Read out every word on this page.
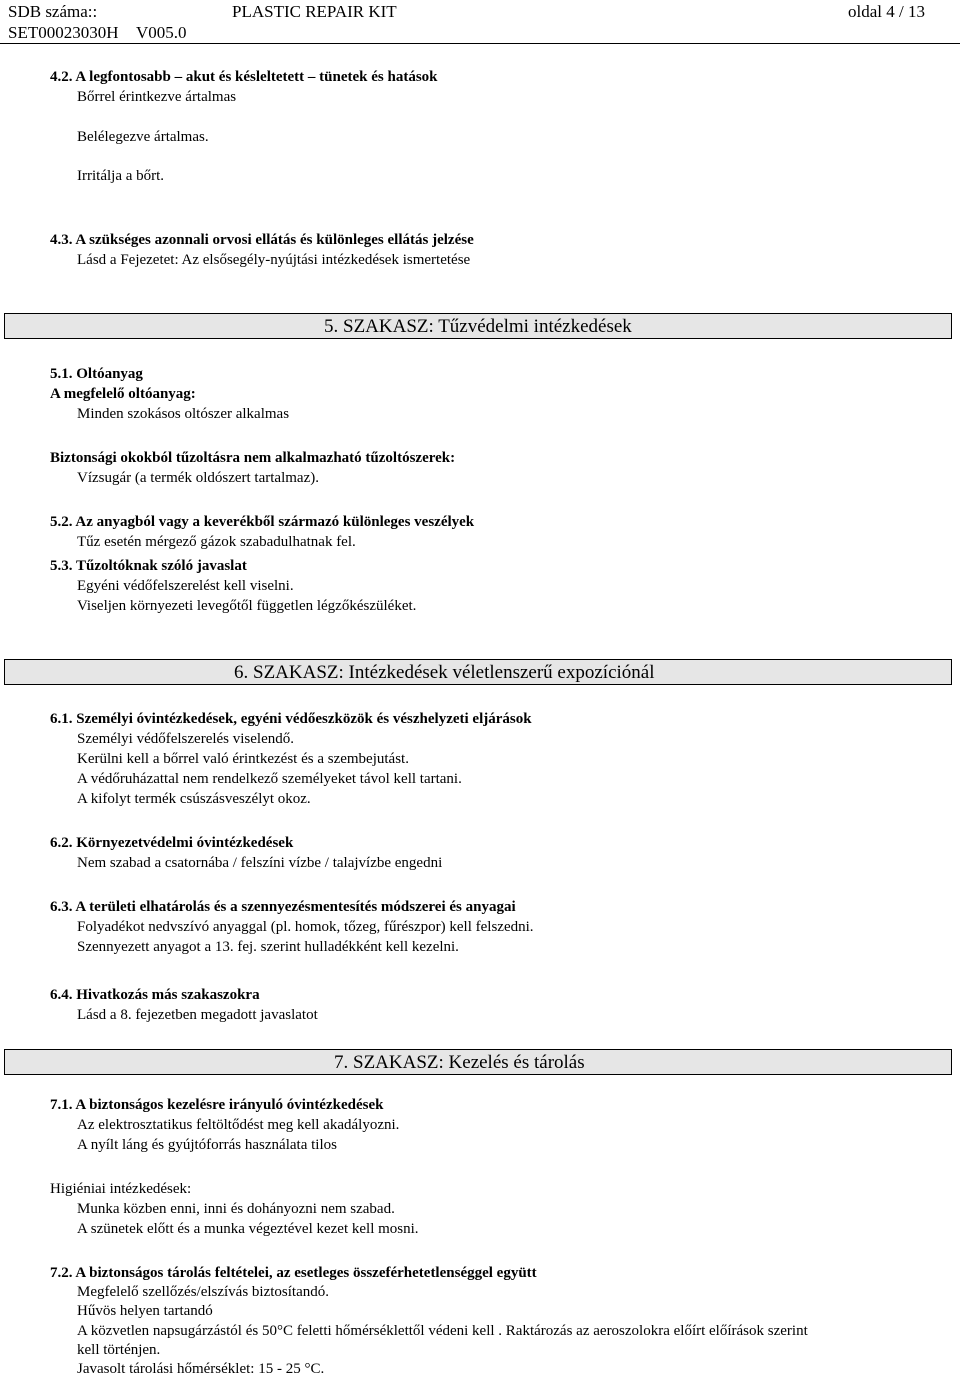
SDB száma::	PLASTIC REPAIR KIT	oldal 4 / 13
SET00023030H V005.0
4.2. A legfontosabb – akut és késleltetett – tünetek és hatások
Bőrrel érintkezve ártalmas
Belélegezve ártalmas.
Irritálja a bőrt.
4.3. A szükséges azonnali orvosi ellátás és különleges ellátás jelzése
Lásd a Fejezetet: Az elsősegély-nyújtási intézkedések ismertetése
5. SZAKASZ: Tűzvédelmi intézkedések
5.1. Oltóanyag
A megfelelő oltóanyag:
Minden szokásos oltószer alkalmas
Biztonsági okokból tűzoltásra nem alkalmazható tűzoltószerek:
Vízsugár (a termék oldószert tartalmaz).
5.2. Az anyagból vagy a keverékből származó különleges veszélyek
Tűz esetén mérgező gázok szabadulhatnak fel.
5.3. Tűzoltóknak szóló javaslat
Egyéni védőfelszerelést kell viselni.
Viseljen környezeti levegőtől független légzőkészüléket.
6. SZAKASZ: Intézkedések véletlenszerű expozíciónál
6.1. Személyi óvintézkedések, egyéni védőeszközök és vészhelyzeti eljárások
Személyi védőfelszerelés viselendő.
Kerülni kell a bőrrel való érintkezést és a szembejutást.
A védőruházattal nem rendelkező személyeket távol kell tartani.
A kifolyt termék csúszásveszélyt okoz.
6.2. Környezetvédelmi óvintézkedések
Nem szabad a csatornába / felszíni vízbe / talajvízbe engedni
6.3. A területi elhatárolás és a szennyezésmentesítés módszerei és anyagai
Folyadékot nedvszívó anyaggal (pl. homok, tőzeg, fűrészpor) kell felszedni.
Szennyezett anyagot a 13. fej. szerint hulladékként kell kezelni.
6.4. Hivatkozás más szakaszokra
Lásd a 8. fejezetben megadott javaslatot
7. SZAKASZ: Kezelés és tárolás
7.1. A biztonságos kezelésre irányuló óvintézkedések
Az elektrosztatikus feltöltődést meg kell akadályozni.
A nyílt láng és gyújtóforrás használata tilos
Higiéniai intézkedések:
Munka közben enni, inni és dohányozni nem szabad.
A szünetek előtt és a munka végeztével kezet kell mosni.
7.2. A biztonságos tárolás feltételei, az esetleges összeférhetetlenséggel együtt
Megfelelő szellőzés/elszívás biztosítandó.
Hűvös helyen tartandó
A közvetlen napsugárzástól és 50°C feletti hőmérséklettől védeni kell . Raktározás az aeroszolokra előírt előírások szerint
kell történjen.
Javasolt tárolási hőmérséklet: 15 - 25 °C.
